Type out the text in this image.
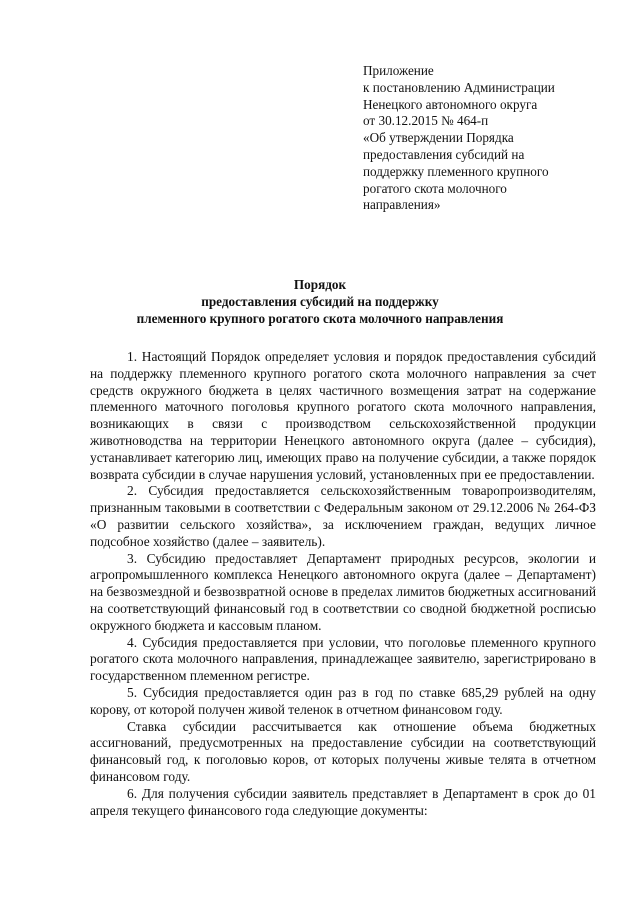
Приложение
к постановлению Администрации
Ненецкого автономного округа
от 30.12.2015 № 464-п
«Об утверждении Порядка
предоставления субсидий на
поддержку племенного крупного
рогатого скота молочного
направления»
Порядок
предоставления субсидий на поддержку
племенного крупного рогатого скота молочного направления

1. Настоящий Порядок определяет условия и порядок предоставления субсидий на поддержку племенного крупного рогатого скота молочного направления за счет средств окружного бюджета в целях частичного возмещения затрат на содержание племенного маточного поголовья крупного рогатого скота молочного направления, возникающих в связи с производством сельскохозяйственной продукции животноводства на территории Ненецкого автономного округа (далее – субсидия), устанавливает категорию лиц, имеющих право на получение субсидии, а также порядок возврата субсидии в случае нарушения условий, установленных при ее предоставлении.

2. Субсидия предоставляется сельскохозяйственным товаропроизводителям, признанным таковыми в соответствии с Федеральным законом от 29.12.2006 № 264-ФЗ «О развитии сельского хозяйства», за исключением граждан, ведущих личное подсобное хозяйство (далее – заявитель).

3. Субсидию предоставляет Департамент природных ресурсов, экологии и агропромышленного комплекса Ненецкого автономного округа (далее – Департамент) на безвозмездной и безвозвратной основе в пределах лимитов бюджетных ассигнований на соответствующий финансовый год в соответствии со сводной бюджетной росписью окружного бюджета и кассовым планом.

4. Субсидия предоставляется при условии, что поголовье племенного крупного рогатого скота молочного направления, принадлежащее заявителю, зарегистрировано в государственном племенном регистре.

5. Субсидия предоставляется один раз в год по ставке 685,29 рублей на одну корову, от которой получен живой теленок в отчетном финансовом году.

Ставка субсидии рассчитывается как отношение объема бюджетных ассигнований, предусмотренных на предоставление субсидии на соответствующий финансовый год, к поголовью коров, от которых получены живые телята в отчетном финансовом году.

6. Для получения субсидии заявитель представляет в Департамент в срок до 01 апреля текущего финансового года следующие документы:
